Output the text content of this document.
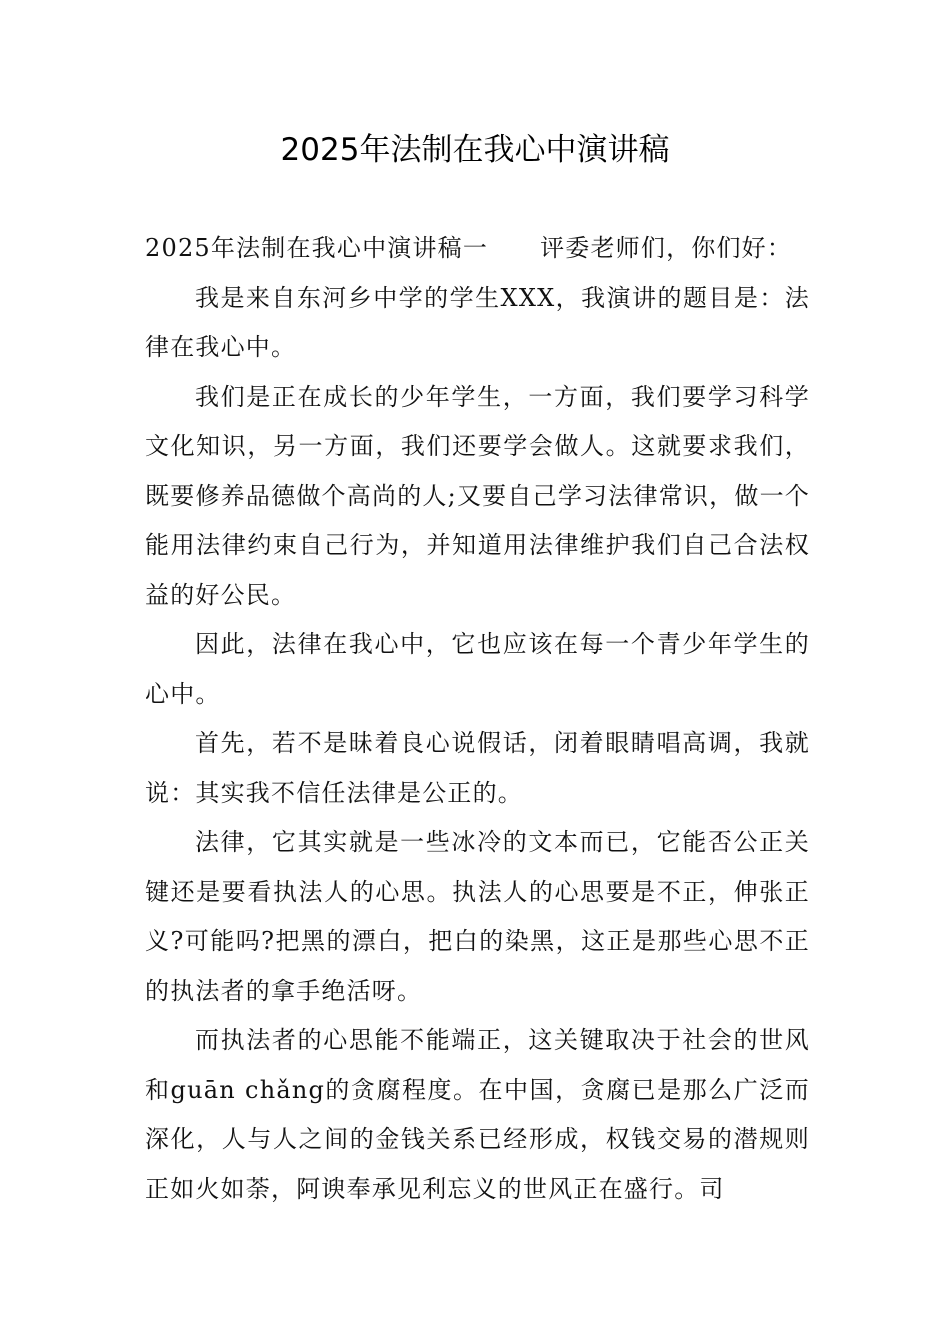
2025年法制在我心中演讲稿

2025年法制在我心中演讲稿一 评委老师们，你们好：

我是来自东河乡中学的学生XXX，我演讲的题目是：法律在我心中。

我们是正在成长的少年学生，一方面，我们要学习科学文化知识，另一方面，我们还要学会做人。这就要求我们，既要修养品德做个高尚的人;又要自己学习法律常识，做一个能用法律约束自己行为，并知道用法律维护我们自己合法权益的好公民。

因此，法律在我心中，它也应该在每一个青少年学生的心中。

首先，若不是昧着良心说假话，闭着眼睛唱高调，我就说：其实我不信任法律是公正的。

法律，它其实就是一些冰冷的文本而已，它能否公正关键还是要看执法人的心思。执法人的心思要是不正，伸张正义?可能吗?把黑的漂白，把白的染黑，这正是那些心思不正的执法者的拿手绝活呀。

而执法者的心思能不能端正，这关键取决于社会的世风和guān chǎng的贪腐程度。在中国，贪腐已是那么广泛而深化，人与人之间的金钱关系已经形成，权钱交易的潜规则正如火如荼，阿谀奉承见利忘义的世风正在盛行。司
